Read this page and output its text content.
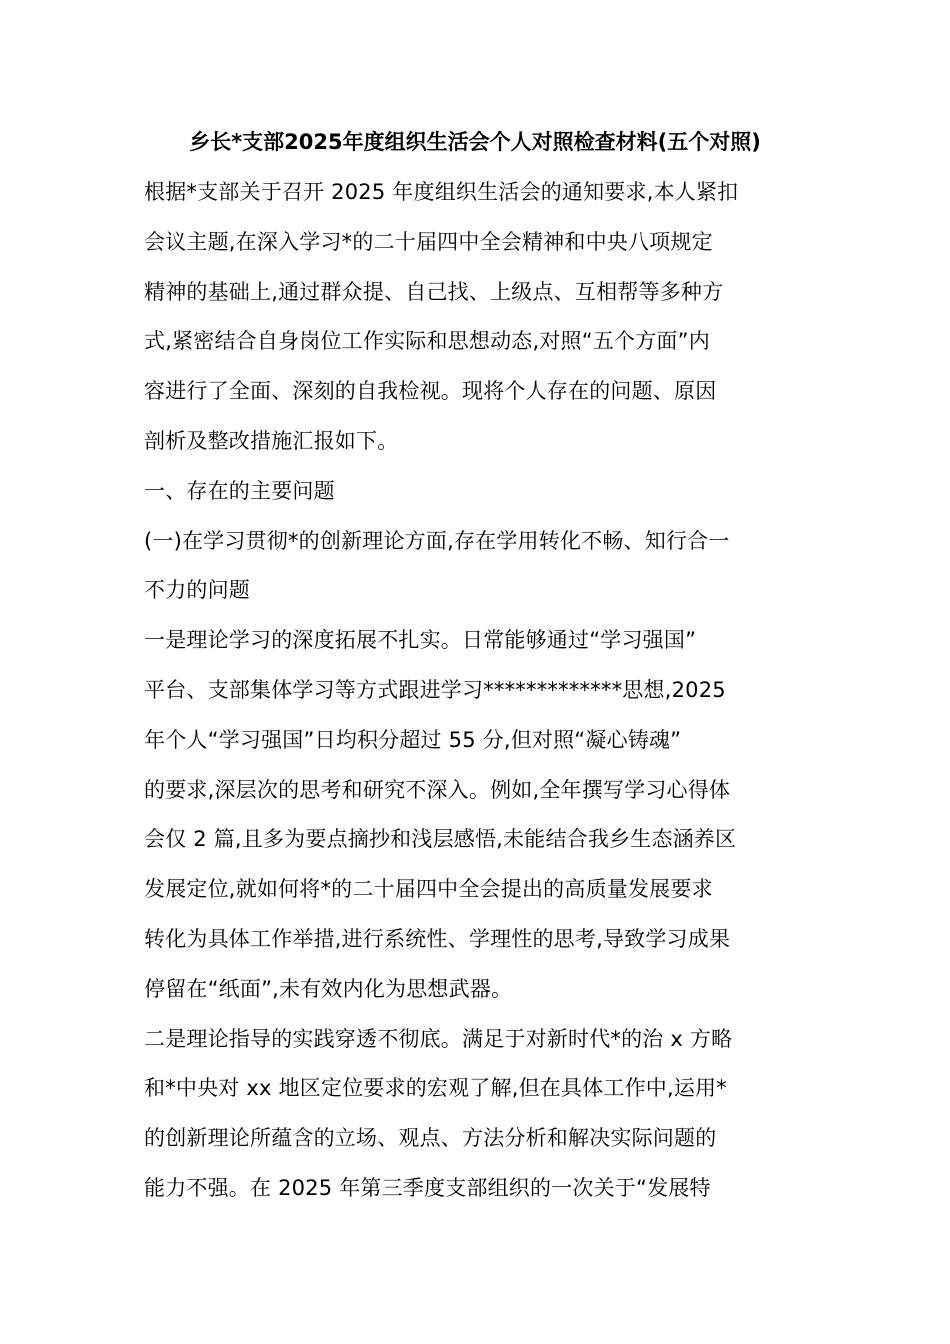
乡长*支部2025年度组织生活会个人对照检查材料(五个对照)
根据*支部关于召开 2025 年度组织生活会的通知要求,本人紧扣
会议主题,在深入学习*的二十届四中全会精神和中央八项规定
精神的基础上,通过群众提、自己找、上级点、互相帮等多种方
式,紧密结合自身岗位工作实际和思想动态,对照“五个方面”内
容进行了全面、深刻的自我检视。现将个人存在的问题、原因
剖析及整改措施汇报如下。
一、存在的主要问题
(一)在学习贯彻*的创新理论方面,存在学用转化不畅、知行合一
不力的问题
一是理论学习的深度拓展不扎实。日常能够通过“学习强国”
平台、支部集体学习等方式跟进学习*************思想,2025
年个人“学习强国”日均积分超过 55 分,但对照“凝心铸魂”
的要求,深层次的思考和研究不深入。例如,全年撰写学习心得体
会仅 2 篇,且多为要点摘抄和浅层感悟,未能结合我乡生态涵养区
发展定位,就如何将*的二十届四中全会提出的高质量发展要求
转化为具体工作举措,进行系统性、学理性的思考,导致学习成果
停留在“纸面”,未有效内化为思想武器。
二是理论指导的实践穿透不彻底。满足于对新时代*的治 x 方略
和*中央对 xx 地区定位要求的宏观了解,但在具体工作中,运用*
的创新理论所蕴含的立场、观点、方法分析和解决实际问题的
能力不强。在 2025 年第三季度支部组织的一次关于“发展特
